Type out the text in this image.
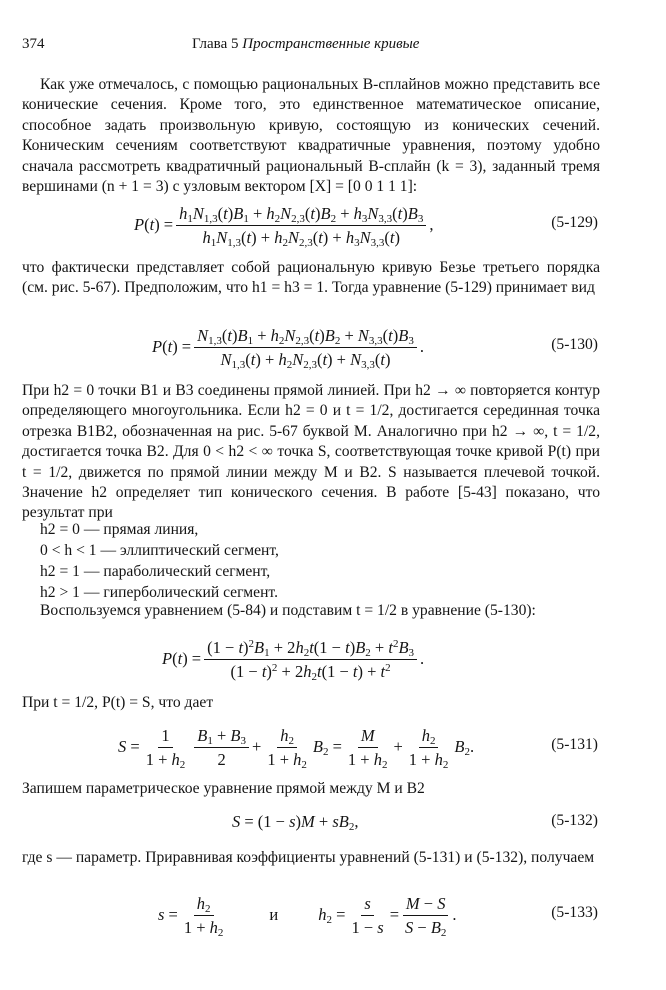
374	Глава 5 Пространственные кривые
Как уже отмечалось, с помощью рациональных B-сплайнов можно представить все конические сечения. Кроме того, это единственное математическое описание, способное задать произвольную кривую, состоящую из конических сечений. Коническим сечениям соответствуют квадратичные уравнения, поэтому удобно сначала рассмотреть квадратичный рациональный B-сплайн (k = 3), заданный тремя вершинами (n + 1 = 3) с узловым вектором [X] = [0 0 1 1 1]:
$P(t) = \frac{h_1N_{1,3}(t)B_1 + h_2N_{2,3}(t)B_2 + h_3N_{3,3}(t)B_3}{h_1N_{1,3}(t) + h_2N_{2,3}(t) + h_3N_{3,3}(t)}$ ,	(5-129)
что фактически представляет собой рациональную кривую Безье третьего порядка (см. рис. 5-67). Предположим, что h1 = h3 = 1. Тогда уравнение (5-129) принимает вид
$P(t) = \frac{N_{1,3}(t)B_1 + h_2N_{2,3}(t)B_2 + N_{3,3}(t)B_3}{N_{1,3}(t) + h_2N_{2,3}(t) + N_{3,3}(t)}$ .	(5-130)
При h2 = 0 точки B1 и B3 соединены прямой линией. При h2 → ∞ повторяется контур определяющего многоугольника. Если h2 = 0 и t = 1/2, достигается серединная точка отрезка B1B2, обозначенная на рис. 5-67 буквой M. Аналогично при h2 → ∞, t = 1/2, достигается точка B2. Для 0 < h2 < ∞ точка S, соответствующая точке кривой P(t) при t = 1/2, движется по прямой линии между M и B2. S называется плечевой точкой. Значение h2 определяет тип конического сечения. В работе [5-43] показано, что результат при
h2 = 0 — прямая линия,
0 < h < 1 — эллиптический сегмент,
h2 = 1 — параболический сегмент,
h2 > 1 — гиперболический сегмент.
Воспользуемся уравнением (5-84) и подставим t = 1/2 в уравнение (5-130):
$P(t) = \frac{(1 - t)^2B_1 + 2h_2t(1 - t)B_2 + t^2B_3}{(1 - t)^2 + 2h_2t(1 - t) + t^2}$ .
При t = 1/2, P(t) = S, что дает
$S = \frac{1}{1 + h_2} \frac{B_1 + B_3}{2} + \frac{h_2}{1 + h_2} B_2 = \frac{M}{1 + h_2} + \frac{h_2}{1 + h_2} B_2$.	(5-131)
Запишем параметрическое уравнение прямой между M и B2
$S = (1 - s)M + sB_2$,	(5-132)
где s — параметр. Приравнивая коэффициенты уравнений (5-131) и (5-132), получаем
$s = \frac{h_2}{1 + h_2}$	и $h_2 = \frac{s}{1 - s} = \frac{M - S}{S - B_2}$ .	(5-133)
